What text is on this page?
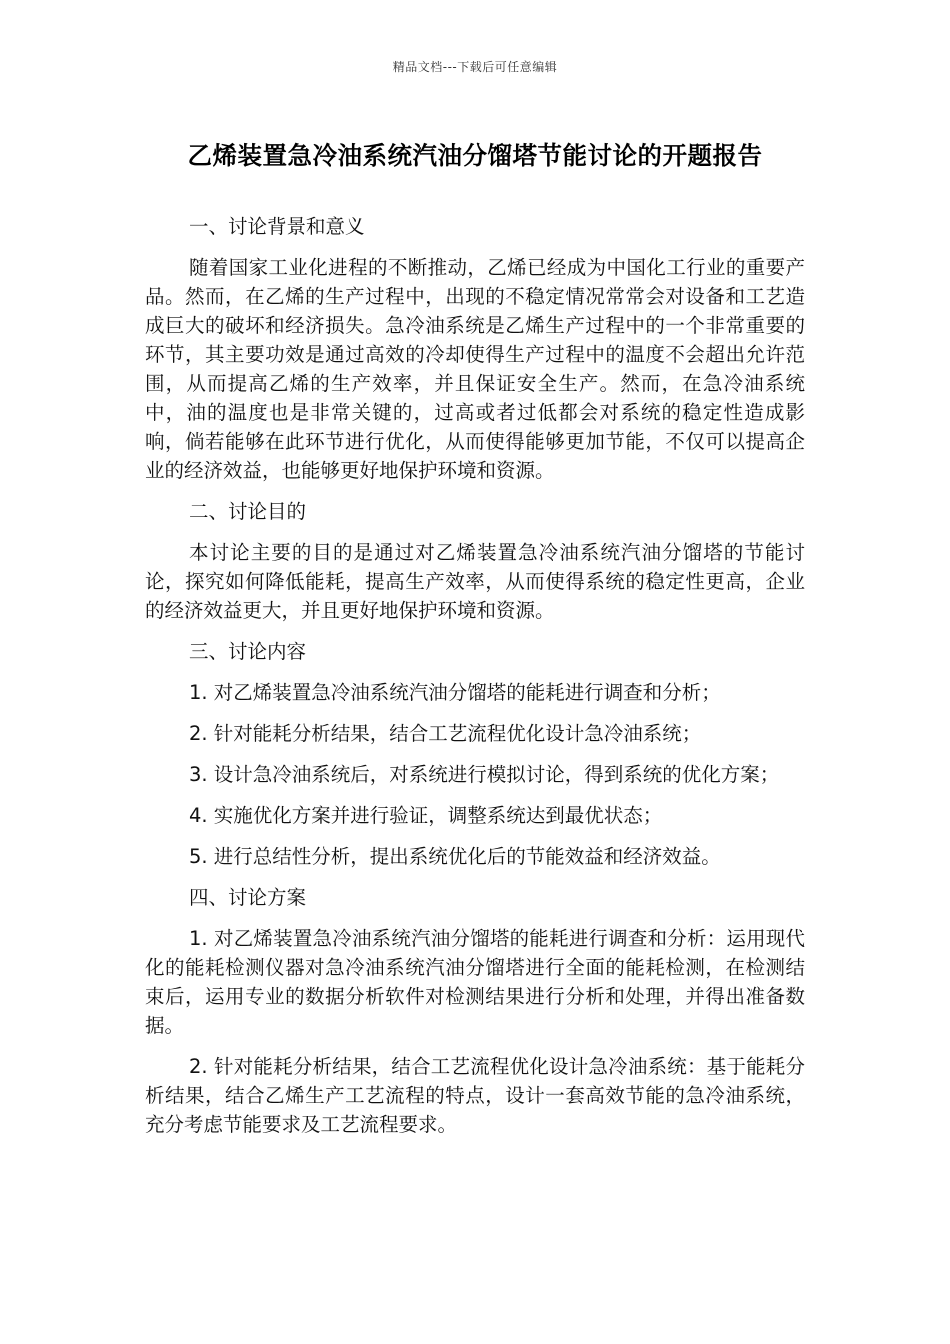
精品文档---下载后可任意编辑
乙烯装置急冷油系统汽油分馏塔节能讨论的开题报告

一、讨论背景和意义

随着国家工业化进程的不断推动，乙烯已经成为中国化工行业的重要产品。然而，在乙烯的生产过程中，出现的不稳定情况常常会对设备和工艺造成巨大的破坏和经济损失。急冷油系统是乙烯生产过程中的一个非常重要的环节，其主要功效是通过高效的冷却使得生产过程中的温度不会超出允许范围，从而提高乙烯的生产效率，并且保证安全生产。然而，在急冷油系统中，油的温度也是非常关键的，过高或者过低都会对系统的稳定性造成影响，倘若能够在此环节进行优化，从而使得能够更加节能，不仅可以提高企业的经济效益，也能够更好地保护环境和资源。

二、讨论目的

本讨论主要的目的是通过对乙烯装置急冷油系统汽油分馏塔的节能讨论，探究如何降低能耗，提高生产效率，从而使得系统的稳定性更高，企业的经济效益更大，并且更好地保护环境和资源。

三、讨论内容

1. 对乙烯装置急冷油系统汽油分馏塔的能耗进行调查和分析；

2. 针对能耗分析结果，结合工艺流程优化设计急冷油系统；

3. 设计急冷油系统后，对系统进行模拟讨论，得到系统的优化方案；

4. 实施优化方案并进行验证，调整系统达到最优状态；

5. 进行总结性分析，提出系统优化后的节能效益和经济效益。

四、讨论方案

1. 对乙烯装置急冷油系统汽油分馏塔的能耗进行调查和分析：运用现代化的能耗检测仪器对急冷油系统汽油分馏塔进行全面的能耗检测，在检测结束后，运用专业的数据分析软件对检测结果进行分析和处理，并得出准备数据。

2. 针对能耗分析结果，结合工艺流程优化设计急冷油系统：基于能耗分析结果，结合乙烯生产工艺流程的特点，设计一套高效节能的急冷油系统，充分考虑节能要求及工艺流程要求。
